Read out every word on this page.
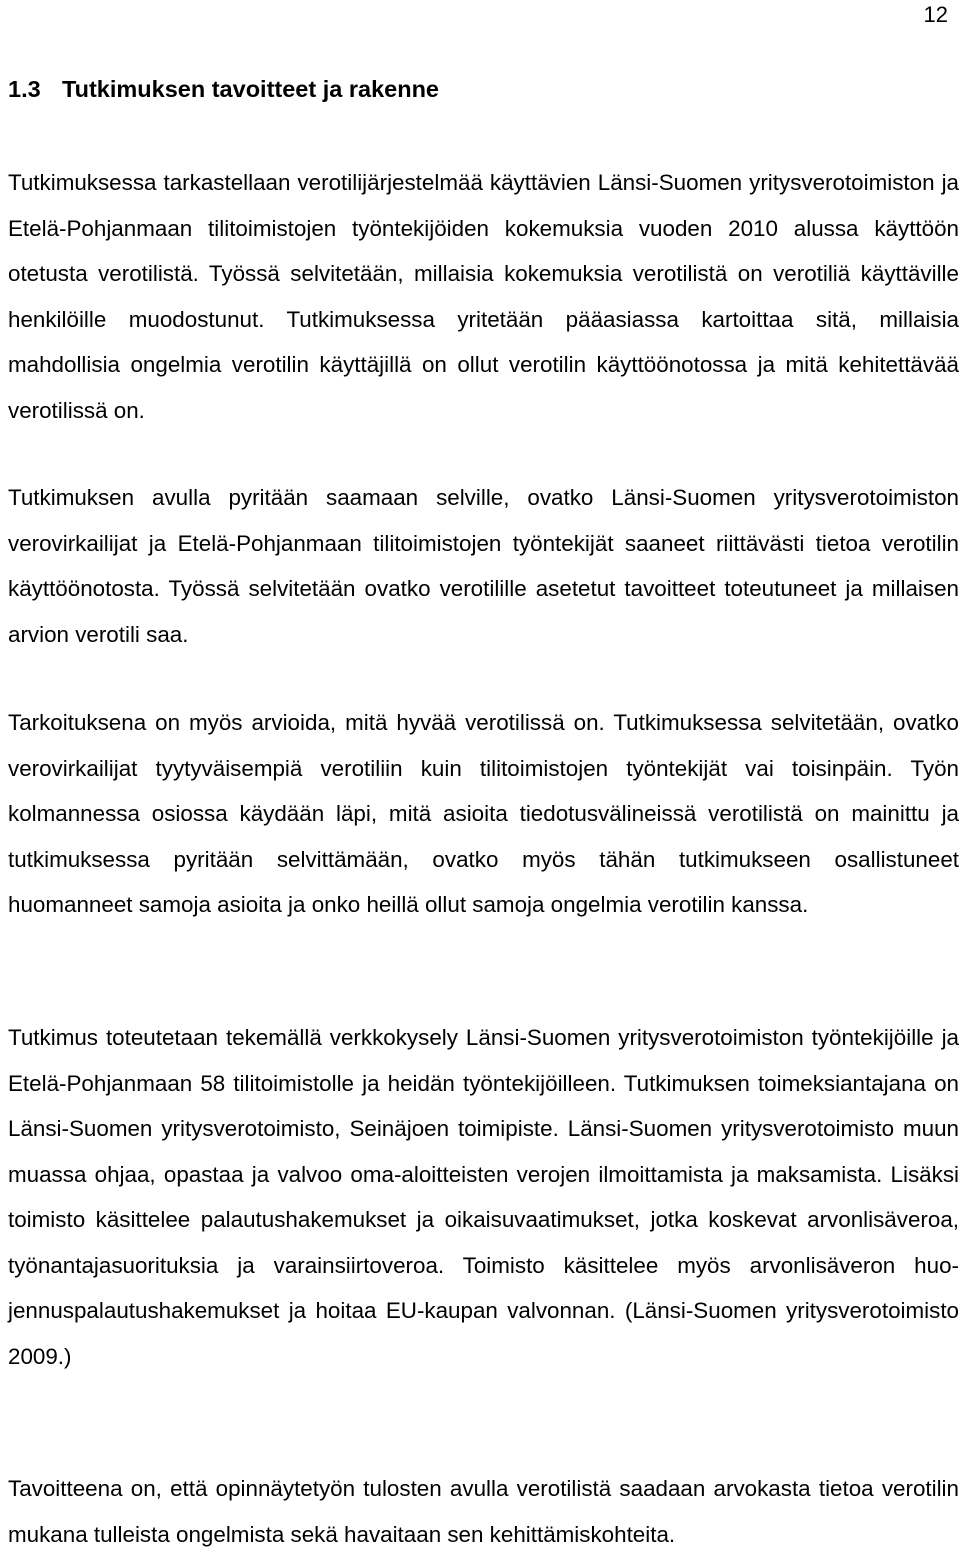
12
1.3 Tutkimuksen tavoitteet ja rakenne

Tutkimuksessa tarkastellaan verotilijärjestelmää käyttävien Länsi-Suomen yritysverotoimiston ja Etelä-Pohjanmaan tilitoimistojen työntekijöiden kokemuksia vuoden 2010 alussa käyttöön otetusta verotilistä. Työssä selvitetään, millaisia kokemuksia verotilistä on verotiliä käyttäville henkilöille muodostunut. Tutkimuksessa yritetään pääasiassa kartoittaa sitä, millaisia mahdollisia ongelmia verotilin käyttäjillä on ollut verotilin käyttöönotossa ja mitä kehitettävää verotilissä on.

Tutkimuksen avulla pyritään saamaan selville, ovatko Länsi-Suomen yritysverotoimiston verovirkailijat ja Etelä-Pohjanmaan tilitoimistojen työntekijät saaneet riittävästi tietoa verotilin käyttöönotosta. Työssä selvitetään ovatko verotilille asetetut tavoitteet toteutuneet ja millaisen arvion verotili saa.

Tarkoituksena on myös arvioida, mitä hyvää verotilissä on. Tutkimuksessa selvitetään, ovatko verovirkailijat tyytyväisempiä verotiliin kuin tilitoimistojen työntekijät vai toisinpäin. Työn kolmannessa osiossa käydään läpi, mitä asioita tiedotusvälineissä verotilistä on mainittu ja tutkimuksessa pyritään selvittämään, ovatko myös tähän tutkimukseen osallistuneet huomanneet samoja asioita ja onko heillä ollut samoja ongelmia verotilin kanssa.

Tutkimus toteutetaan tekemällä verkkokysely Länsi-Suomen yritysverotoimiston työntekijöille ja Etelä-Pohjanmaan 58 tilitoimistolle ja heidän työntekijöilleen. Tutkimuksen toimeksiantajana on Länsi-Suomen yritysverotoimisto, Seinäjoen toimipiste. Länsi-Suomen yritysverotoimisto muun muassa ohjaa, opastaa ja valvoo oma-aloitteisten verojen ilmoittamista ja maksamista. Lisäksi toimisto käsittelee palautushakemukset ja oikaisuvaatimukset, jotka koskevat arvonlisäveroa, työnantajasuorituksia ja varainsiirtoveroa. Toimisto käsittelee myös arvonlisäveron huojennuspalautushakemukset ja hoitaa EU-kaupan valvonnan. (Länsi-Suomen yritysverotoimisto 2009.)

Tavoitteena on, että opinnäytetyön tulosten avulla verotilistä saadaan arvokasta tietoa verotilin mukana tulleista ongelmista sekä havaitaan sen kehittämiskohteita.
